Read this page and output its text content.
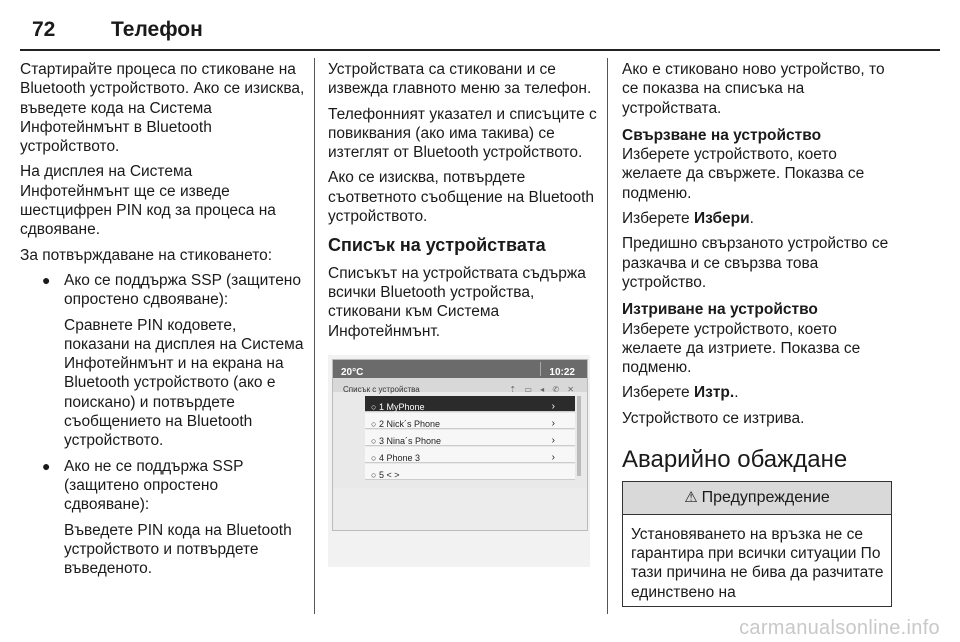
72	Телефон

Стартирайте процеса по стиковане на Bluetooth устройството. Ако се изисква, въведете кода на Система Инфотейнмънт в Bluetooth устройството.

На дисплея на Система Инфотейнмънт ще се изведе шестцифрен PIN код за процеса на сдвояване.

За потвърждаване на стиковането:

● Ако се поддържа SSP (защитено опростено сдвояване):

Сравнете PIN кодовете, показани на дисплея на Система Инфотейнмънт и на екрана на Bluetooth устройството (ако е поискано) и потвърдете съобщението на Bluetooth устройството.

● Ако не се поддържа SSP (защитено опростено сдвояване):

Въведете PIN кода на Bluetooth устройството и потвърдете въведеното.

Устройствата са стиковани и се извежда главното меню за телефон.

Телефонният указател и списъците с повиквания (ако има такива) се изтеглят от Bluetooth устройството.

Ако се изисква, потвърдете съответното съобщение на Bluetooth устройството.

Списък на устройствата

Списъкът на устройствата съдържа всички Bluetooth устройства, стиковани към Система Инфотейнмънт.

20°C	10:22
Списък с устройства	⇡ ▭ ◂ ✆ ✕
○ 1 MyPhone	›
○ 2 Nick´s Phone	›
○ 3 Nina´s Phone	›
○ 4 Phone 3	›
○ 5 < >

Ако е стиковано ново устройство, то се показва на списъка на устройствата.

Свързване на устройство

Изберете устройството, което желаете да свържете. Показва се подменю.

Изберете Избери.

Предишно свързаното устройство се разкачва и се свързва това устройство.

Изтриване на устройство

Изберете устройството, което желаете да изтриете. Показва се подменю.

Изберете Изтр..

Устройството се изтрива.

Аварийно обаждане
⚠ Предупреждение
Установяването на връзка не се гарантира при всички ситуации По тази причина не бива да разчитате единствено на
carmanualsonline.info
